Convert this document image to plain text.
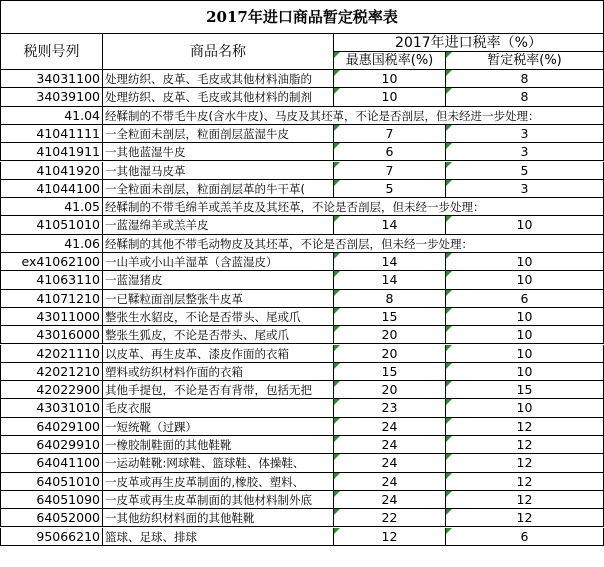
2017年进口商品暂定税率表
税则号列	商品名称
2017年进口税率（%）
最惠国税率(%)	暂定税率(%)
34031100 处理纺织、皮革、毛皮或其他材料油脂的	10	8
34039100 处理纺织、皮革、毛皮或其他材料的制剂	10	8
41.04 经鞣制的不带毛牛皮(含水牛皮)、马皮及其坯革，不论是否剖层，但未经进一步处理：
41041111 一全粒面未剖层，粒面剖层蓝湿牛皮	7	3
41041911 一其他蓝湿牛皮	6	3
41041920 一其他湿马皮革	7	5
41044100 一全粒面未剖层，粒面剖层革的牛干革(	5	3
41.05 经鞣制的不带毛绵羊或羔羊皮及其坯革，不论是否剖层，但未经一步处理：
41051010 一蓝湿绵羊或羔羊皮	14	10
41.06 经鞣制的其他不带毛动物皮及其坯革，不论是否剖层，但未经一步处理：
ex41062100 一山羊或小山羊湿革（含蓝湿皮）	14	10
41063110 一蓝湿猪皮	14	10
41071210 一已鞣粒面剖层整张牛皮革	8	6
43011000 整张生水貂皮，不论是否带头、尾或爪	15	10
43016000 整张生狐皮，不论是否带头、尾或爪	20	10
42021110 以皮革、再生皮革、漆皮作面的衣箱	20	10
42021210 塑料或纺织材料作面的衣箱	15	10
42022900 其他手提包，不论是否有背带，包括无把	20	15
43031010 毛皮衣服	23	10
64029100 一短统靴（过踝）	24	12
64029910 一橡胶制鞋面的其他鞋靴	24	12
64041100 一运动鞋靴:网球鞋、篮球鞋、体操鞋、	24	12
64051010 一皮革或再生皮革制面的,橡胶、塑料、	24	12
64051090 一皮革或再生皮革制面的其他材料制外底	24	12
64052000 一其他纺织材料面的其他鞋靴	22	12
95066210 篮球、足球、排球	12	6
